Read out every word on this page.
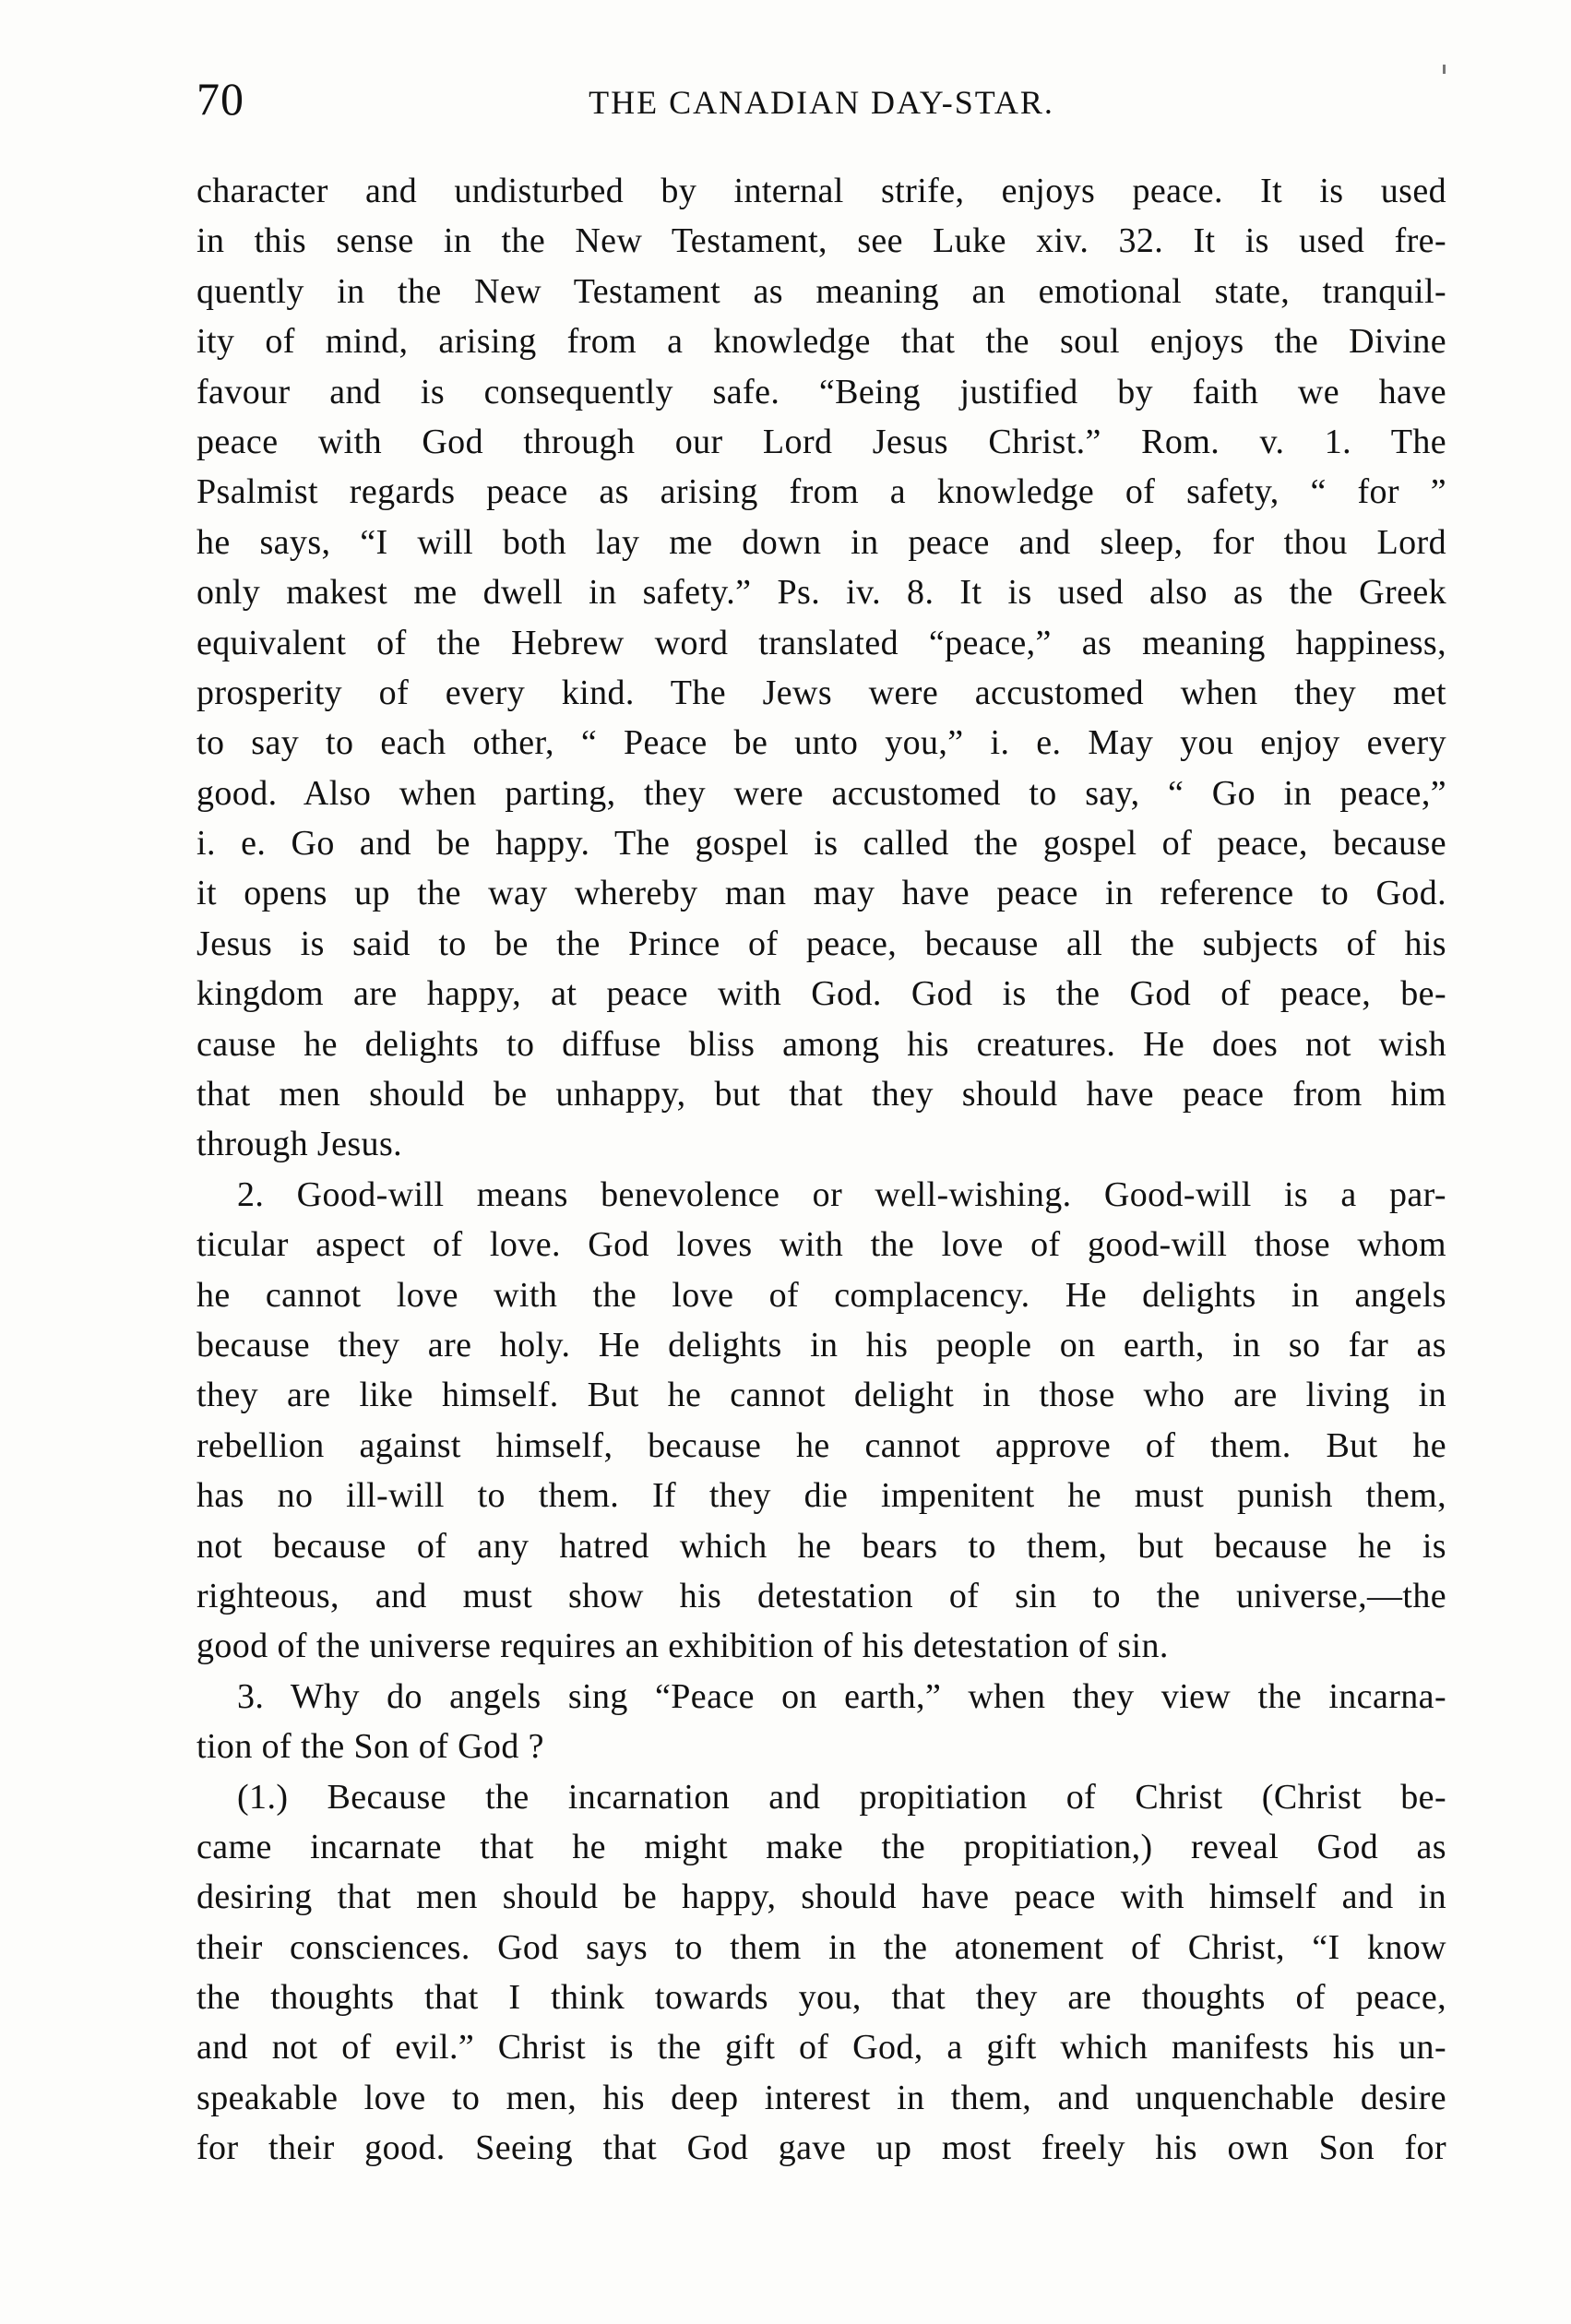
70	THE CANADIAN DAY-STAR.
character and undisturbed by internal strife, enjoys peace. It is used
in this sense in the New Testament, see Luke xiv. 32. It is used fre-
quently in the New Testament as meaning an emotional state, tranquil-
ity of mind, arising from a knowledge that the soul enjoys the Divine
favour and is consequently safe. “Being justified by faith we have
peace with God through our Lord Jesus Christ.” Rom. v. 1. The
Psalmist regards peace as arising from a knowledge of safety, “ for ”
he says, “I will both lay me down in peace and sleep, for thou Lord
only makest me dwell in safety.” Ps. iv. 8. It is used also as the Greek
equivalent of the Hebrew word translated “peace,” as meaning happiness,
prosperity of every kind. The Jews were accustomed when they met
to say to each other, “ Peace be unto you,” i. e. May you enjoy every
good. Also when parting, they were accustomed to say, “ Go in peace,”
i. e. Go and be happy. The gospel is called the gospel of peace, because
it opens up the way whereby man may have peace in reference to God.
Jesus is said to be the Prince of peace, because all the subjects of his
kingdom are happy, at peace with God. God is the God of peace, be-
cause he delights to diffuse bliss among his creatures. He does not wish
that men should be unhappy, but that they should have peace from him
through Jesus.
2. Good-will means benevolence or well-wishing. Good-will is a par-
ticular aspect of love. God loves with the love of good-will those whom
he cannot love with the love of complacency. He delights in angels
because they are holy. He delights in his people on earth, in so far as
they are like himself. But he cannot delight in those who are living in
rebellion against himself, because he cannot approve of them. But he
has no ill-will to them. If they die impenitent he must punish them,
not because of any hatred which he bears to them, but because he is
righteous, and must show his detestation of sin to the universe,—the
good of the universe requires an exhibition of his detestation of sin.
3. Why do angels sing “Peace on earth,” when they view the incarna-
tion of the Son of God ?
(1.) Because the incarnation and propitiation of Christ (Christ be-
came incarnate that he might make the propitiation,) reveal God as
desiring that men should be happy, should have peace with himself and in
their consciences. God says to them in the atonement of Christ, “I know
the thoughts that I think towards you, that they are thoughts of peace,
and not of evil.” Christ is the gift of God, a gift which manifests his un-
speakable love to men, his deep interest in them, and unquenchable desire
for their good. Seeing that God gave up most freely his own Son for
